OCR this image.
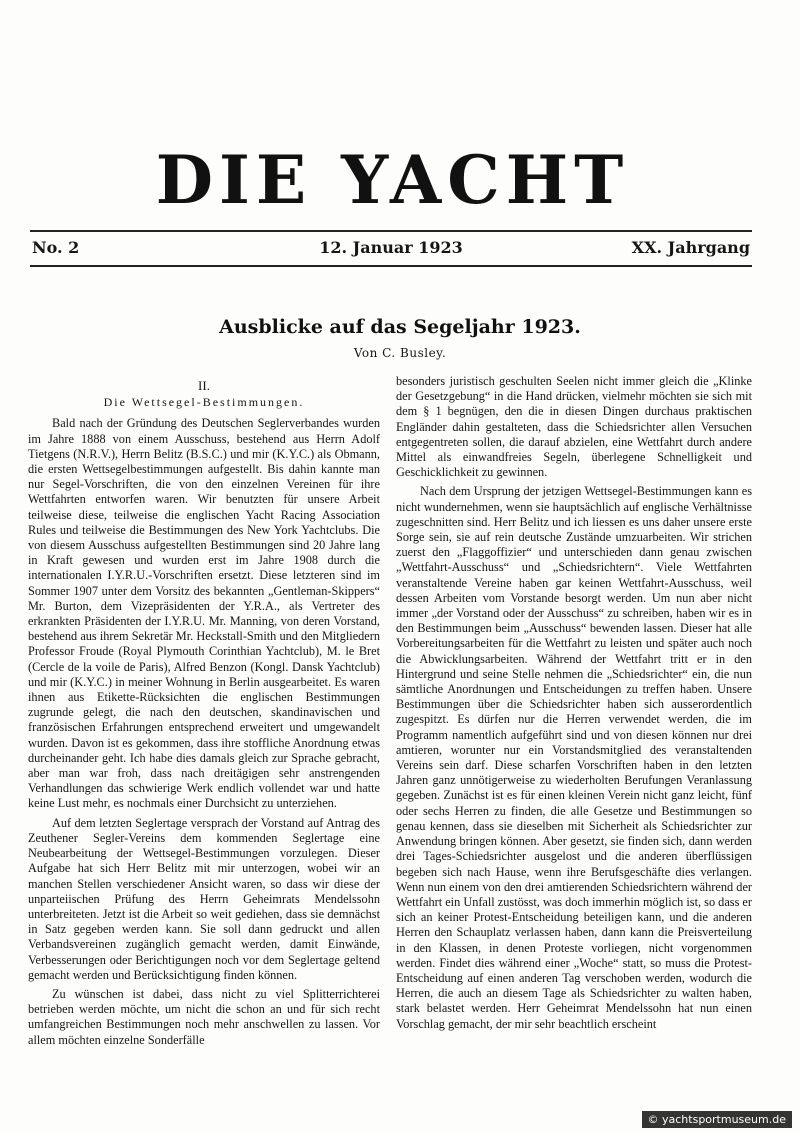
DIE YACHT
No. 2	12. Januar 1923	XX. Jahrgang
Ausblicke auf das Segeljahr 1923.
Von C. Busley.
II.
Die Wettsegel-Bestimmungen.

Bald nach der Gründung des Deutschen Seglerverbandes wurden im Jahre 1888 von einem Ausschuss, bestehend aus Herrn Adolf Tietgens (N.R.V.), Herrn Belitz (B.S.C.) und mir (K.Y.C.) als Obmann, die ersten Wettsegelbestimmungen aufgestellt. Bis dahin kannte man nur Segel-Vorschriften, die von den einzelnen Vereinen für ihre Wettfahrten entworfen waren. Wir benutzten für unsere Arbeit teilweise diese, teilweise die englischen Yacht Racing Association Rules und teilweise die Bestimmungen des New York Yachtclubs. Die von diesem Ausschuss aufgestellten Bestimmungen sind 20 Jahre lang in Kraft gewesen und wurden erst im Jahre 1908 durch die internationalen I.Y.R.U.-Vorschriften ersetzt. Diese letzteren sind im Sommer 1907 unter dem Vorsitz des bekannten „Gentleman-Skippers“ Mr. Burton, dem Vizepräsidenten der Y.R.A., als Vertreter des erkrankten Präsidenten der I.Y.R.U. Mr. Manning, von deren Vorstand, bestehend aus ihrem Sekretär Mr. Heckstall-Smith und den Mitgliedern Professor Froude (Royal Plymouth Corinthian Yachtclub), M. le Bret (Cercle de la voile de Paris), Alfred Benzon (Kongl. Dansk Yachtclub) und mir (K.Y.C.) in meiner Wohnung in Berlin ausgearbeitet. Es waren ihnen aus Etikette-Rücksichten die englischen Bestimmungen zugrunde gelegt, die nach den deutschen, skandinavischen und französischen Erfahrungen entsprechend erweitert und umgewandelt wurden. Davon ist es gekommen, dass ihre stoffliche Anordnung etwas durcheinander geht. Ich habe dies damals gleich zur Sprache gebracht, aber man war froh, dass nach dreitägigen sehr anstrengenden Verhandlungen das schwierige Werk endlich vollendet war und hatte keine Lust mehr, es nochmals einer Durchsicht zu unterziehen.

Auf dem letzten Seglertage versprach der Vorstand auf Antrag des Zeuthener Segler-Vereins dem kommenden Seglertage eine Neubearbeitung der Wettsegel-Bestimmungen vorzulegen. Dieser Aufgabe hat sich Herr Belitz mit mir unterzogen, wobei wir an manchen Stellen verschiedener Ansicht waren, so dass wir diese der unparteiischen Prüfung des Herrn Geheimrats Mendelssohn unterbreiteten. Jetzt ist die Arbeit so weit gediehen, dass sie demnächst in Satz gegeben werden kann. Sie soll dann gedruckt und allen Verbandsvereinen zugänglich gemacht werden, damit Einwände, Verbesserungen oder Berichtigungen noch vor dem Seglertage geltend gemacht werden und Berücksichtigung finden können.

Zu wünschen ist dabei, dass nicht zu viel Splitterrichterei betrieben werden möchte, um nicht die schon an und für sich recht umfangreichen Bestimmungen noch mehr anschwellen zu lassen. Vor allem möchten einzelne Sonderfälle

besonders juristisch geschulten Seelen nicht immer gleich die „Klinke der Gesetzgebung“ in die Hand drücken, vielmehr möchten sie sich mit dem § 1 begnügen, den die in diesen Dingen durchaus praktischen Engländer dahin gestalteten, dass die Schiedsrichter allen Versuchen entgegentreten sollen, die darauf abzielen, eine Wettfahrt durch andere Mittel als einwandfreies Segeln, überlegene Schnelligkeit und Geschicklichkeit zu gewinnen.

Nach dem Ursprung der jetzigen Wettsegel-Bestimmungen kann es nicht wundernehmen, wenn sie hauptsächlich auf englische Verhältnisse zugeschnitten sind. Herr Belitz und ich liessen es uns daher unsere erste Sorge sein, sie auf rein deutsche Zustände umzuarbeiten. Wir strichen zuerst den „Flaggoffizier“ und unterschieden dann genau zwischen „Wettfahrt-Ausschuss“ und „Schiedsrichtern“. Viele Wettfahrten veranstaltende Vereine haben gar keinen Wettfahrt-Ausschuss, weil dessen Arbeiten vom Vorstande besorgt werden. Um nun aber nicht immer „der Vorstand oder der Ausschuss“ zu schreiben, haben wir es in den Bestimmungen beim „Ausschuss“ bewenden lassen. Dieser hat alle Vorbereitungsarbeiten für die Wettfahrt zu leisten und später auch noch die Abwicklungsarbeiten. Während der Wettfahrt tritt er in den Hintergrund und seine Stelle nehmen die „Schiedsrichter“ ein, die nun sämtliche Anordnungen und Entscheidungen zu treffen haben. Unsere Bestimmungen über die Schiedsrichter haben sich ausserordentlich zugespitzt. Es dürfen nur die Herren verwendet werden, die im Programm namentlich aufgeführt sind und von diesen können nur drei amtieren, worunter nur ein Vorstandsmitglied des veranstaltenden Vereins sein darf. Diese scharfen Vorschriften haben in den letzten Jahren ganz unnötigerweise zu wiederholten Berufungen Veranlassung gegeben. Zunächst ist es für einen kleinen Verein nicht ganz leicht, fünf oder sechs Herren zu finden, die alle Gesetze und Bestimmungen so genau kennen, dass sie dieselben mit Sicherheit als Schiedsrichter zur Anwendung bringen können. Aber gesetzt, sie finden sich, dann werden drei Tages-Schiedsrichter ausgelost und die anderen überflüssigen begeben sich nach Hause, wenn ihre Berufsgeschäfte dies verlangen. Wenn nun einem von den drei amtierenden Schiedsrichtern während der Wettfahrt ein Unfall zustösst, was doch immerhin möglich ist, so dass er sich an keiner Protest-Entscheidung beteiligen kann, und die anderen Herren den Schauplatz verlassen haben, dann kann die Preisverteilung in den Klassen, in denen Proteste vorliegen, nicht vorgenommen werden. Findet dies während einer „Woche“ statt, so muss die Protest-Entscheidung auf einen anderen Tag verschoben werden, wodurch die Herren, die auch an diesem Tage als Schiedsrichter zu walten haben, stark belastet werden. Herr Geheimrat Mendelssohn hat nun einen Vorschlag gemacht, der mir sehr beachtlich erscheint

© yachtsportmuseum.de
